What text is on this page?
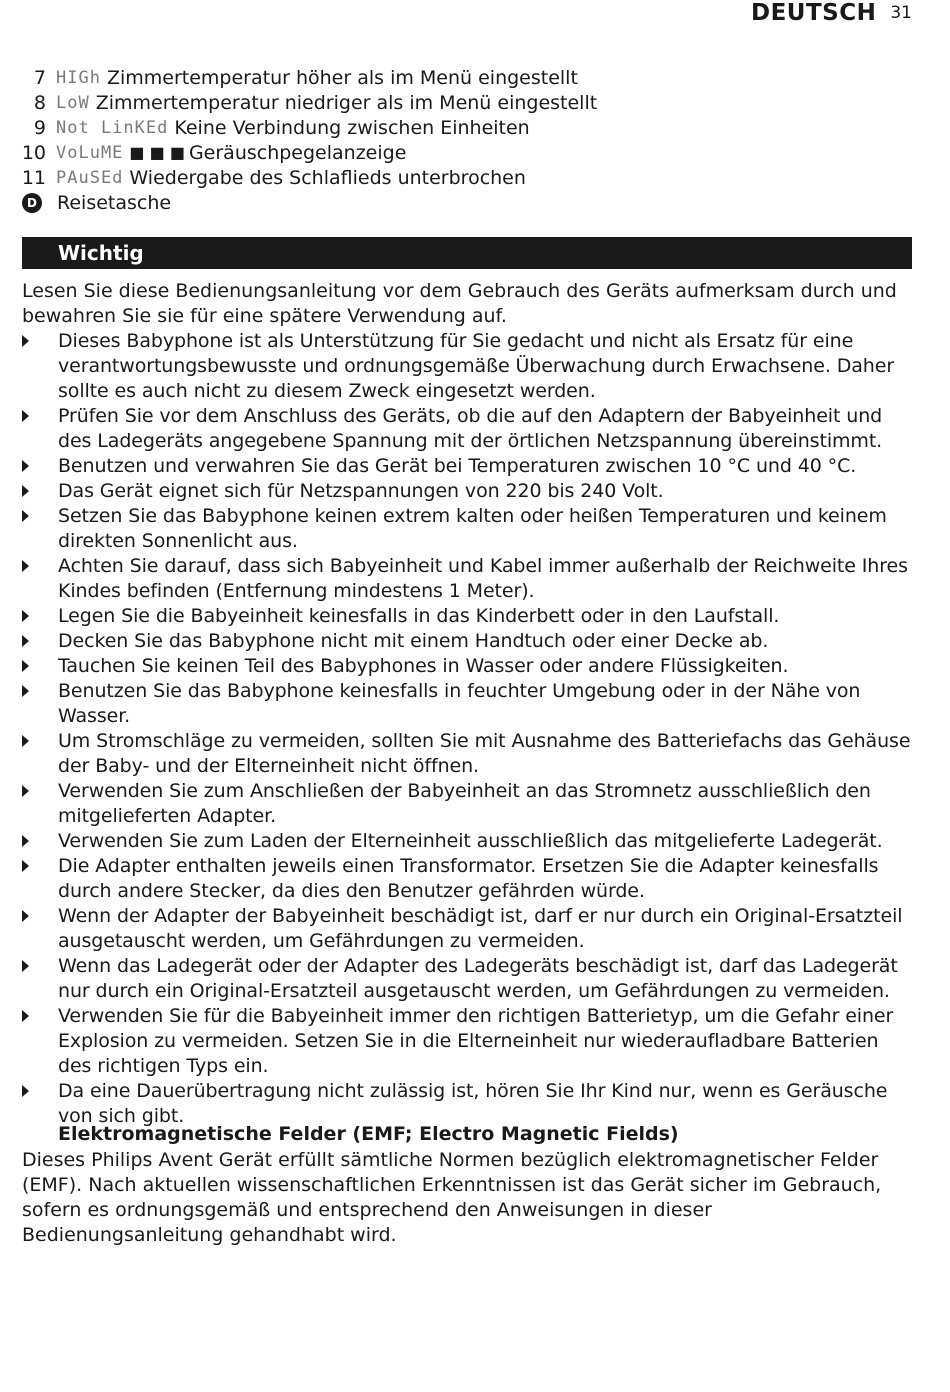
DEUTSCH 31
7 HIGh Zimmertemperatur höher als im Menü eingestellt
8 LoW Zimmertemperatur niedriger als im Menü eingestellt
9 Not LinKEd Keine Verbindung zwischen Einheiten
10 VoLuME ■ ■ ■ Geräuschpegelanzeige
11 PAuSEd Wiedergabe des Schlaflieds unterbrochen
D Reisetasche
Wichtig
Lesen Sie diese Bedienungsanleitung vor dem Gebrauch des Geräts aufmerksam durch und bewahren Sie sie für eine spätere Verwendung auf.
Dieses Babyphone ist als Unterstützung für Sie gedacht und nicht als Ersatz für eine verantwortungsbewusste und ordnungsgemäße Überwachung durch Erwachsene. Daher sollte es auch nicht zu diesem Zweck eingesetzt werden.
Prüfen Sie vor dem Anschluss des Geräts, ob die auf den Adaptern der Babyeinheit und des Ladegeräts angegebene Spannung mit der örtlichen Netzspannung übereinstimmt.
Benutzen und verwahren Sie das Gerät bei Temperaturen zwischen 10 °C und 40 °C.
Das Gerät eignet sich für Netzspannungen von 220 bis 240 Volt.
Setzen Sie das Babyphone keinen extrem kalten oder heißen Temperaturen und keinem direkten Sonnenlicht aus.
Achten Sie darauf, dass sich Babyeinheit und Kabel immer außerhalb der Reichweite Ihres Kindes befinden (Entfernung mindestens 1 Meter).
Legen Sie die Babyeinheit keinesfalls in das Kinderbett oder in den Laufstall.
Decken Sie das Babyphone nicht mit einem Handtuch oder einer Decke ab.
Tauchen Sie keinen Teil des Babyphones in Wasser oder andere Flüssigkeiten.
Benutzen Sie das Babyphone keinesfalls in feuchter Umgebung oder in der Nähe von Wasser.
Um Stromschläge zu vermeiden, sollten Sie mit Ausnahme des Batteriefachs das Gehäuse der Baby- und der Elterneinheit nicht öffnen.
Verwenden Sie zum Anschließen der Babyeinheit an das Stromnetz ausschließlich den mitgelieferten Adapter.
Verwenden Sie zum Laden der Elterneinheit ausschließlich das mitgelieferte Ladegerät.
Die Adapter enthalten jeweils einen Transformator. Ersetzen Sie die Adapter keinesfalls durch andere Stecker, da dies den Benutzer gefährden würde.
Wenn der Adapter der Babyeinheit beschädigt ist, darf er nur durch ein Original-Ersatzteil ausgetauscht werden, um Gefährdungen zu vermeiden.
Wenn das Ladegerät oder der Adapter des Ladegeräts beschädigt ist, darf das Ladegerät nur durch ein Original-Ersatzteil ausgetauscht werden, um Gefährdungen zu vermeiden.
Verwenden Sie für die Babyeinheit immer den richtigen Batterietyp, um die Gefahr einer Explosion zu vermeiden. Setzen Sie in die Elterneinheit nur wiederaufladbare Batterien des richtigen Typs ein.
Da eine Dauerübertragung nicht zulässig ist, hören Sie Ihr Kind nur, wenn es Geräusche von sich gibt.
Elektromagnetische Felder (EMF; Electro Magnetic Fields)
Dieses Philips Avent Gerät erfüllt sämtliche Normen bezüglich elektromagnetischer Felder (EMF). Nach aktuellen wissenschaftlichen Erkenntnissen ist das Gerät sicher im Gebrauch, sofern es ordnungsgemäß und entsprechend den Anweisungen in dieser Bedienungsanleitung gehandhabt wird.
